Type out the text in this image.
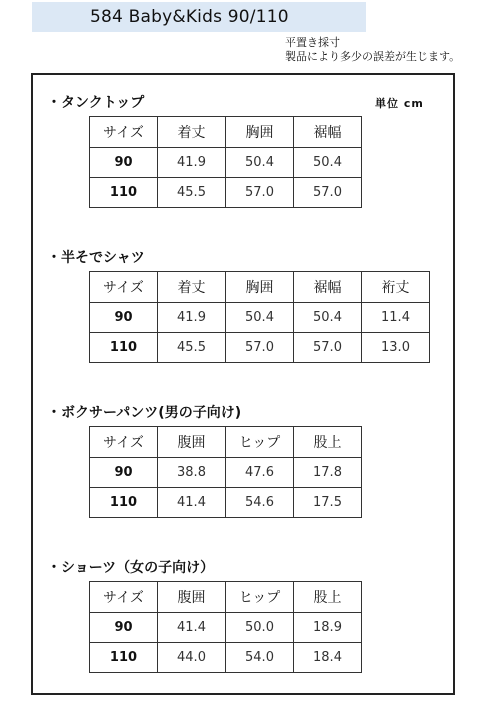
584 Baby&Kids 90/110
平置き採寸
製品により多少の誤差が生じます。
単位 cm
・タンクトップ
サイズ	着丈	胸囲	裾幅
90	41.9	50.4	50.4
110	45.5	57.0	57.0
・半そでシャツ
サイズ	着丈	胸囲	裾幅	裄丈
90	41.9	50.4	50.4	11.4
110	45.5	57.0	57.0	13.0
・ボクサーパンツ(男の子向け)
サイズ	腹囲	ヒップ	股上
90	38.8	47.6	17.8
110	41.4	54.6	17.5
・ショーツ（女の子向け）
サイズ	腹囲	ヒップ	股上
90	41.4	50.0	18.9
110	44.0	54.0	18.4
